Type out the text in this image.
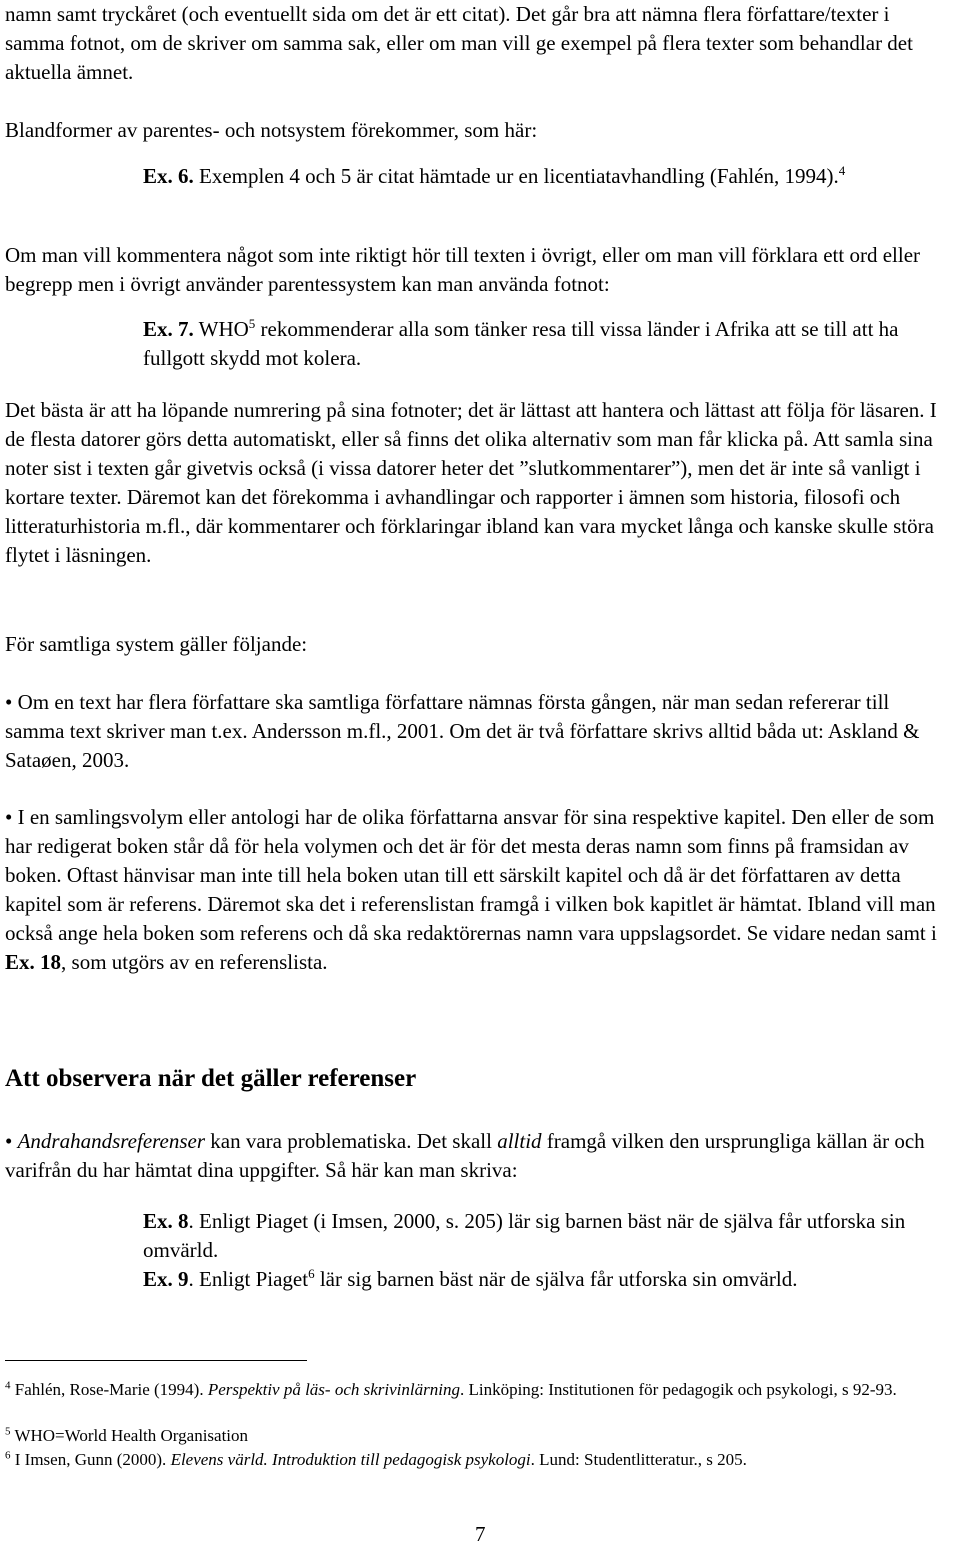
namn samt tryckåret (och eventuellt sida om det är ett citat). Det går bra att nämna flera författare/texter i samma fotnot, om de skriver om samma sak, eller om man vill ge exempel på flera texter som behandlar det aktuella ämnet.

Blandformer av parentes- och notsystem förekommer, som här:

Ex. 6. Exemplen 4 och 5 är citat hämtade ur en licentiatavhandling (Fahlén, 1994).$^4$

Om man vill kommentera något som inte riktigt hör till texten i övrigt, eller om man vill förklara ett ord eller begrepp men i övrigt använder parentessystem kan man använda fotnot:

Ex. 7. WHO$^5$ rekommenderar alla som tänker resa till vissa länder i Afrika att se till att ha fullgott skydd mot kolera.

Det bästa är att ha löpande numrering på sina fotnoter; det är lättast att hantera och lättast att följa för läsaren. I de flesta datorer görs detta automatiskt, eller så finns det olika alternativ som man får klicka på. Att samla sina noter sist i texten går givetvis också (i vissa datorer heter det ”slutkommentarer”), men det är inte så vanligt i kortare texter. Däremot kan det förekomma i avhandlingar och rapporter i ämnen som historia, filosofi och litteraturhistoria m.fl., där kommentarer och förklaringar ibland kan vara mycket långa och kanske skulle störa flytet i läsningen.

För samtliga system gäller följande:

• Om en text har flera författare ska samtliga författare nämnas första gången, när man sedan refererar till samma text skriver man t.ex. Andersson m.fl., 2001. Om det är två författare skrivs alltid båda ut: Askland & Sataøen, 2003.

• I en samlingsvolym eller antologi har de olika författarna ansvar för sina respektive kapitel. Den eller de som har redigerat boken står då för hela volymen och det är för det mesta deras namn som finns på framsidan av boken. Oftast hänvisar man inte till hela boken utan till ett särskilt kapitel och då är det författaren av detta kapitel som är referens. Däremot ska det i referenslistan framgå i vilken bok kapitlet är hämtat. Ibland vill man också ange hela boken som referens och då ska redaktörernas namn vara uppslagsordet. Se vidare nedan samt i Ex. 18, som utgörs av en referenslista.

Att observera när det gäller referenser

• Andrahandsreferenser kan vara problematiska. Det skall alltid framgå vilken den ursprungliga källan är och varifrån du har hämtat dina uppgifter. Så här kan man skriva:

Ex. 8. Enligt Piaget (i Imsen, 2000, s. 205) lär sig barnen bäst när de själva får utforska sin omvärld.

Ex. 9. Enligt Piaget$^6$ lär sig barnen bäst när de själva får utforska sin omvärld.

$^4$ Fahlén, Rose-Marie (1994). Perspektiv på läs- och skrivinlärning. Linköping: Institutionen för pedagogik och psykologi, s 92-93.

$^5$ WHO=World Health Organisation

$^6$ I Imsen, Gunn (2000). Elevens värld. Introduktion till pedagogisk psykologi. Lund: Studentlitteratur., s 205.

7
